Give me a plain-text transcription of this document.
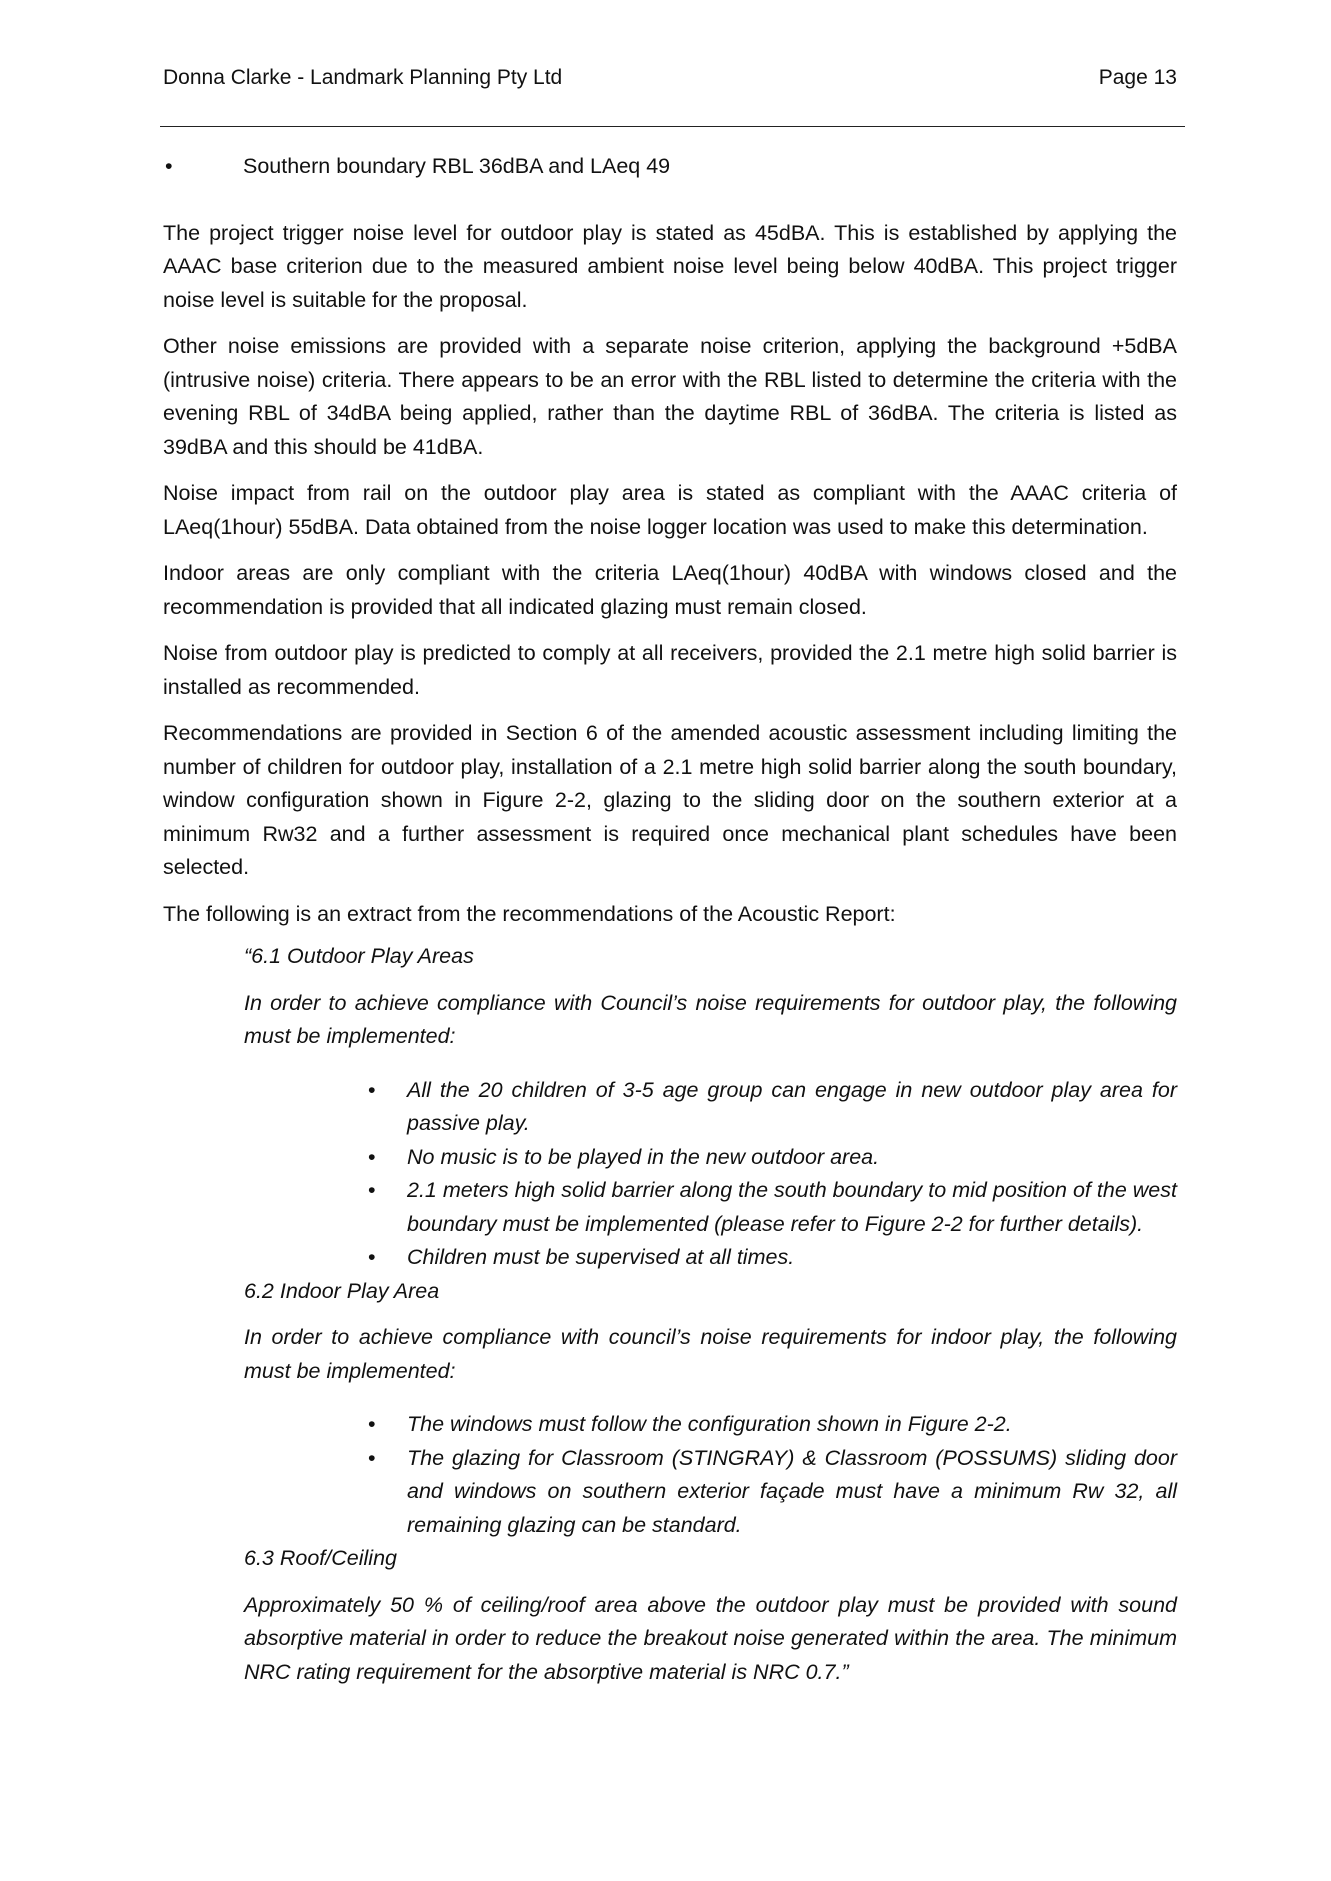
Donna Clarke - Landmark Planning Pty Ltd	Page 13

•	Southern boundary RBL 36dBA and LAeq 49

The project trigger noise level for outdoor play is stated as 45dBA. This is established by applying the AAAC base criterion due to the measured ambient noise level being below 40dBA. This project trigger noise level is suitable for the proposal.

Other noise emissions are provided with a separate noise criterion, applying the background +5dBA (intrusive noise) criteria. There appears to be an error with the RBL listed to determine the criteria with the evening RBL of 34dBA being applied, rather than the daytime RBL of 36dBA. The criteria is listed as 39dBA and this should be 41dBA.

Noise impact from rail on the outdoor play area is stated as compliant with the AAAC criteria of LAeq(1hour) 55dBA. Data obtained from the noise logger location was used to make this determination.

Indoor areas are only compliant with the criteria LAeq(1hour) 40dBA with windows closed and the recommendation is provided that all indicated glazing must remain closed.

Noise from outdoor play is predicted to comply at all receivers, provided the 2.1 metre high solid barrier is installed as recommended.

Recommendations are provided in Section 6 of the amended acoustic assessment including limiting the number of children for outdoor play, installation of a 2.1 metre high solid barrier along the south boundary, window configuration shown in Figure 2-2, glazing to the sliding door on the southern exterior at a minimum Rw32 and a further assessment is required once mechanical plant schedules have been selected.

The following is an extract from the recommendations of the Acoustic Report:

“6.1 Outdoor Play Areas

In order to achieve compliance with Council’s noise requirements for outdoor play, the following must be implemented:

• All the 20 children of 3-5 age group can engage in new outdoor play area for passive play.
• No music is to be played in the new outdoor area.
• 2.1 meters high solid barrier along the south boundary to mid position of the west boundary must be implemented (please refer to Figure 2-2 for further details).
• Children must be supervised at all times.

6.2 Indoor Play Area

In order to achieve compliance with council’s noise requirements for indoor play, the following must be implemented:

• The windows must follow the configuration shown in Figure 2-2.
• The glazing for Classroom (STINGRAY) & Classroom (POSSUMS) sliding door and windows on southern exterior façade must have a minimum Rw 32, all remaining glazing can be standard.

6.3 Roof/Ceiling

Approximately 50 % of ceiling/roof area above the outdoor play must be provided with sound absorptive material in order to reduce the breakout noise generated within the area. The minimum NRC rating requirement for the absorptive material is NRC 0.7.”
